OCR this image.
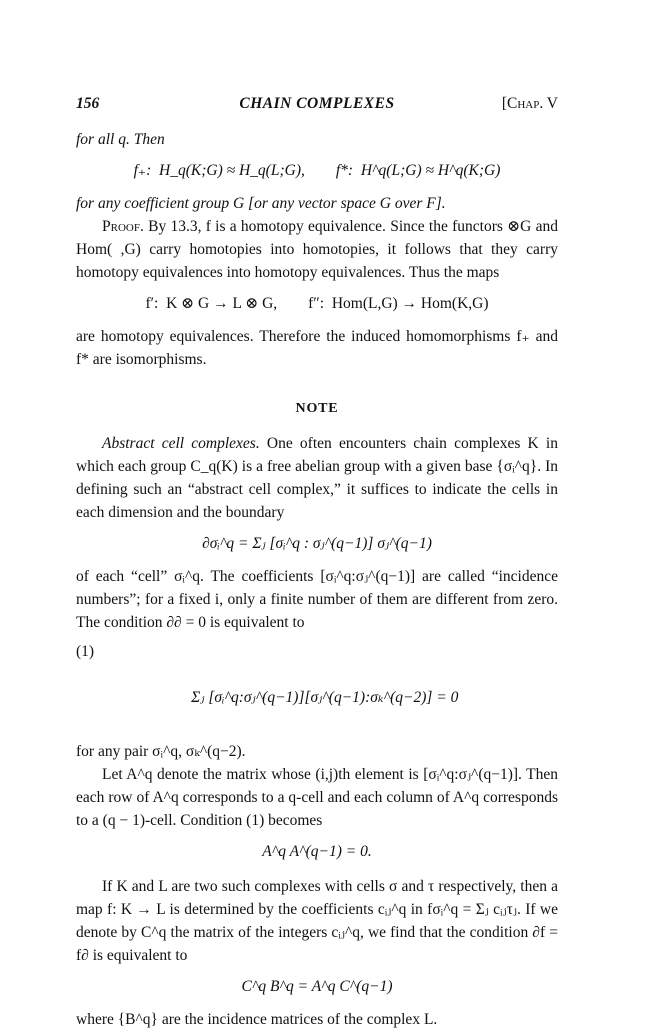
156	CHAIN COMPLEXES	[Chap. V

for all q. Then

f₊:  H_q(K;G) ≈ H_q(L;G),        f*:  H^q(L;G) ≈ H^q(K;G)

for any coefficient group G [or any vector space G over F].

Proof. By 13.3, f is a homotopy equivalence. Since the functors ⊗G and Hom( ,G) carry homotopies into homotopies, it follows that they carry homotopy equivalences into homotopy equivalences. Thus the maps

f′:  K ⊗ G → L ⊗ G,        f″:  Hom(L,G) → Hom(K,G)

are homotopy equivalences. Therefore the induced homomorphisms f₊ and f* are isomorphisms.

NOTE

Abstract cell complexes. One often encounters chain complexes K in which each group C_q(K) is a free abelian group with a given base {σᵢ^q}. In defining such an “abstract cell complex,” it suffices to indicate the cells in each dimension and the boundary

∂σᵢ^q = Σⱼ [σᵢ^q : σⱼ^(q−1)] σⱼ^(q−1)

of each “cell” σᵢ^q. The coefficients [σᵢ^q:σⱼ^(q−1)] are called “incidence numbers”; for a fixed i, only a finite number of them are different from zero. The condition ∂∂ = 0 is equivalent to

(1)

Σⱼ [σᵢ^q:σⱼ^(q−1)][σⱼ^(q−1):σₖ^(q−2)] = 0

for any pair σᵢ^q, σₖ^(q−2).

Let A^q denote the matrix whose (i,j)th element is [σᵢ^q:σⱼ^(q−1)]. Then each row of A^q corresponds to a q-cell and each column of A^q corresponds to a (q − 1)-cell. Condition (1) becomes

A^q A^(q−1) = 0.

If K and L are two such complexes with cells σ and τ respectively, then a map f: K → L is determined by the coefficients cᵢⱼ^q in fσᵢ^q = Σⱼ cᵢⱼτⱼ. If we denote by C^q the matrix of the integers cᵢⱼ^q, we find that the condition ∂f = f∂ is equivalent to

C^q B^q = A^q C^(q−1)

where {B^q} are the incidence matrices of the complex L.
